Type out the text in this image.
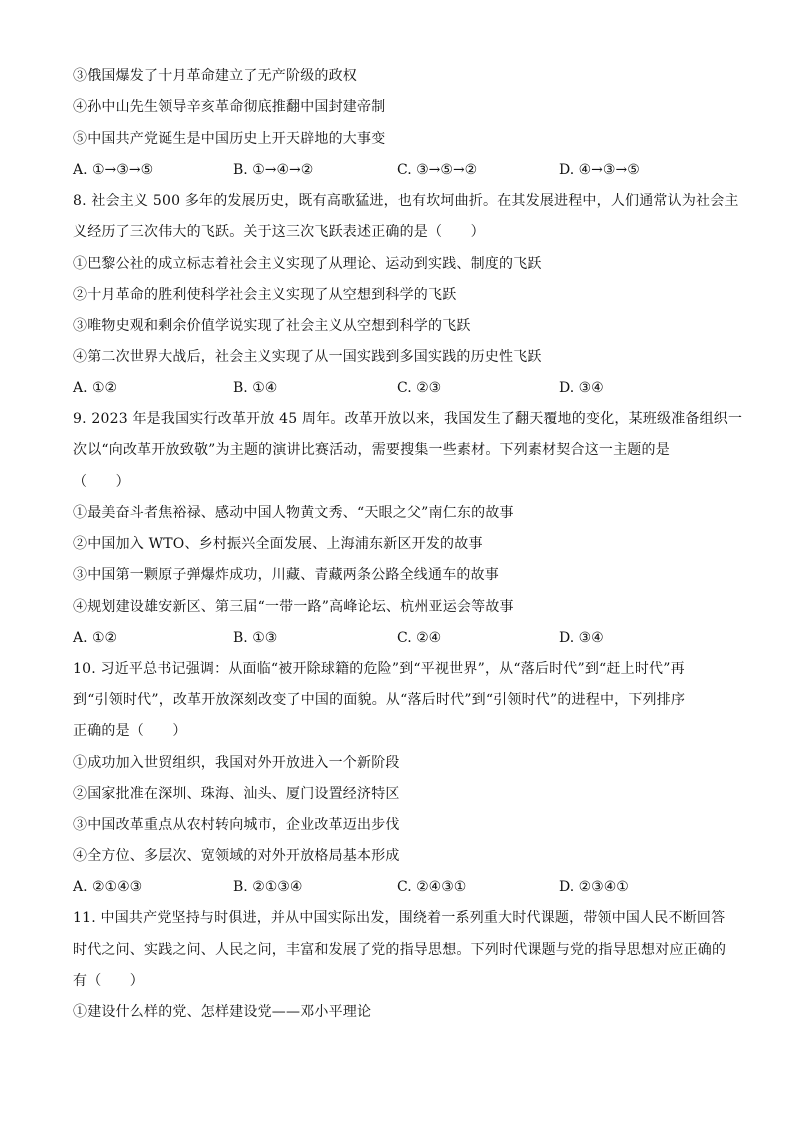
③俄国爆发了十月革命建立了无产阶级的政权
④孙中山先生领导辛亥革命彻底推翻中国封建帝制
⑤中国共产党诞生是中国历史上开天辟地的大事变
A. ①→③→⑤	B. ①→④→②	C. ③→⑤→②	D. ④→③→⑤
8. 社会主义 500 多年的发展历史，既有高歌猛进，也有坎坷曲折。在其发展进程中，人们通常认为社会主
义经历了三次伟大的飞跃。关于这三次飞跃表述正确的是（　　）
①巴黎公社的成立标志着社会主义实现了从理论、运动到实践、制度的飞跃
②十月革命的胜利使科学社会主义实现了从空想到科学的飞跃
③唯物史观和剩余价值学说实现了社会主义从空想到科学的飞跃
④第二次世界大战后，社会主义实现了从一国实践到多国实践的历史性飞跃
A. ①②	B. ①④	C. ②③	D. ③④
9. 2023 年是我国实行改革开放 45 周年。改革开放以来，我国发生了翻天覆地的变化，某班级准备组织一
次以“向改革开放致敬”为主题的演讲比赛活动，需要搜集一些素材。下列素材契合这一主题的是
（　　）
①最美奋斗者焦裕禄、感动中国人物黄文秀、“天眼之父”南仁东的故事
②中国加入 WTO、乡村振兴全面发展、上海浦东新区开发的故事
③中国第一颗原子弹爆炸成功，川藏、青藏两条公路全线通车的故事
④规划建设雄安新区、第三届“一带一路”高峰论坛、杭州亚运会等故事
A. ①②	B. ①③	C. ②④	D. ③④
10. 习近平总书记强调：从面临“被开除球籍的危险”到“平视世界”，从“落后时代”到“赶上时代”再
到“引领时代”，改革开放深刻改变了中国的面貌。从“落后时代”到“引领时代”的进程中，下列排序
正确的是（　　）
①成功加入世贸组织，我国对外开放进入一个新阶段
②国家批准在深圳、珠海、汕头、厦门设置经济特区
③中国改革重点从农村转向城市，企业改革迈出步伐
④全方位、多层次、宽领域的对外开放格局基本形成
A. ②①④③	B. ②①③④	C. ②④③①	D. ②③④①
11. 中国共产党坚持与时俱进，并从中国实际出发，围绕着一系列重大时代课题，带领中国人民不断回答
时代之问、实践之问、人民之问，丰富和发展了党的指导思想。下列时代课题与党的指导思想对应正确的
有（　　）
①建设什么样的党、怎样建设党——邓小平理论
